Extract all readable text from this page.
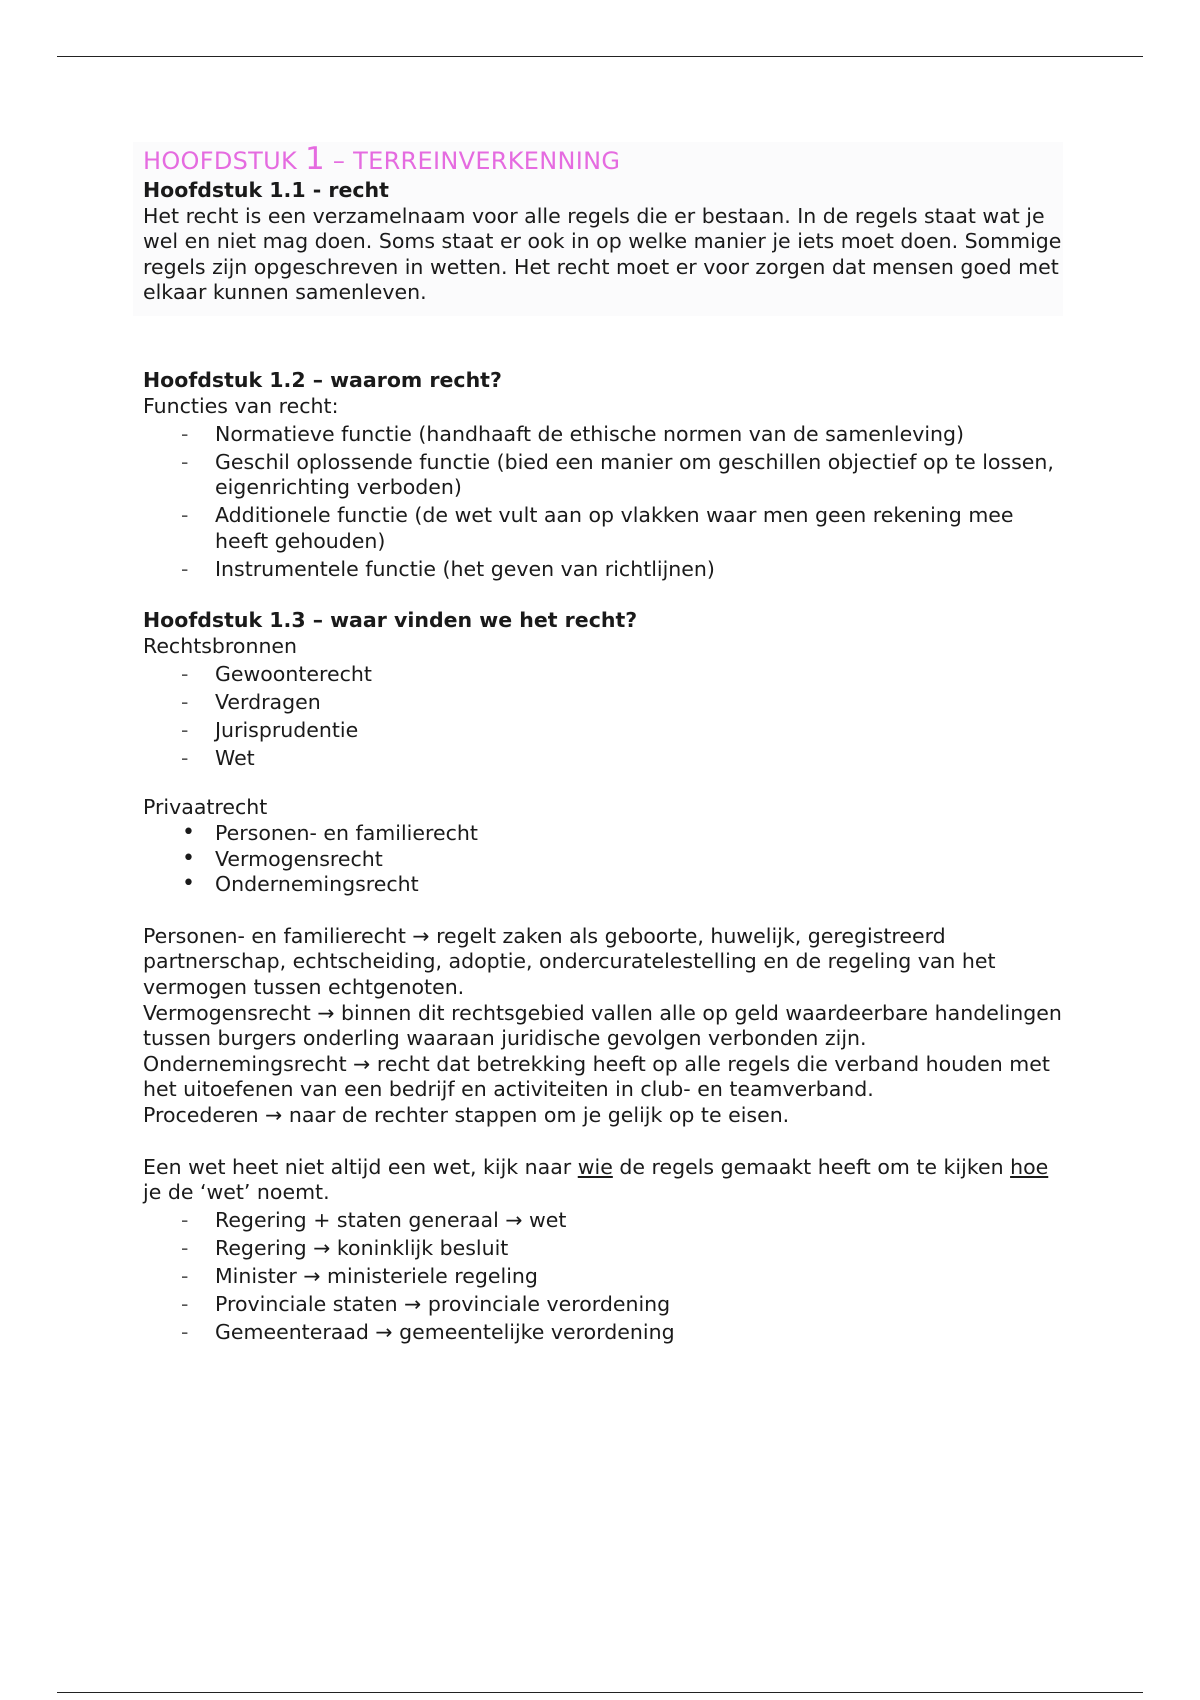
HOOFDSTUK 1 – TERREINVERKENNING

Hoofdstuk 1.1 - recht

Het recht is een verzamelnaam voor alle regels die er bestaan. In de regels staat wat je wel en niet mag doen. Soms staat er ook in op welke manier je iets moet doen. Sommige regels zijn opgeschreven in wetten. Het recht moet er voor zorgen dat mensen goed met elkaar kunnen samenleven.

Hoofdstuk 1.2 – waarom recht?

Functies van recht:

- Normatieve functie (handhaaft de ethische normen van de samenleving)
- Geschil oplossende functie (bied een manier om geschillen objectief op te lossen, eigenrichting verboden)
- Additionele functie (de wet vult aan op vlakken waar men geen rekening mee heeft gehouden)
- Instrumentele functie (het geven van richtlijnen)

Hoofdstuk 1.3 – waar vinden we het recht?

Rechtsbronnen

- Gewoonterecht
- Verdragen
- Jurisprudentie
- Wet

Privaatrecht

• Personen- en familierecht
• Vermogensrecht
• Ondernemingsrecht

Personen- en familierecht → regelt zaken als geboorte, huwelijk, geregistreerd partnerschap, echtscheiding, adoptie, ondercuratelestelling en de regeling van het vermogen tussen echtgenoten.

Vermogensrecht → binnen dit rechtsgebied vallen alle op geld waardeerbare handelingen tussen burgers onderling waaraan juridische gevolgen verbonden zijn.

Ondernemingsrecht → recht dat betrekking heeft op alle regels die verband houden met het uitoefenen van een bedrijf en activiteiten in club- en teamverband.

Procederen → naar de rechter stappen om je gelijk op te eisen.

Een wet heet niet altijd een wet, kijk naar wie de regels gemaakt heeft om te kijken hoe je de ‘wet’ noemt.

- Regering + staten generaal → wet
- Regering → koninklijk besluit
- Minister → ministeriele regeling
- Provinciale staten → provinciale verordening
- Gemeenteraad → gemeentelijke verordening
